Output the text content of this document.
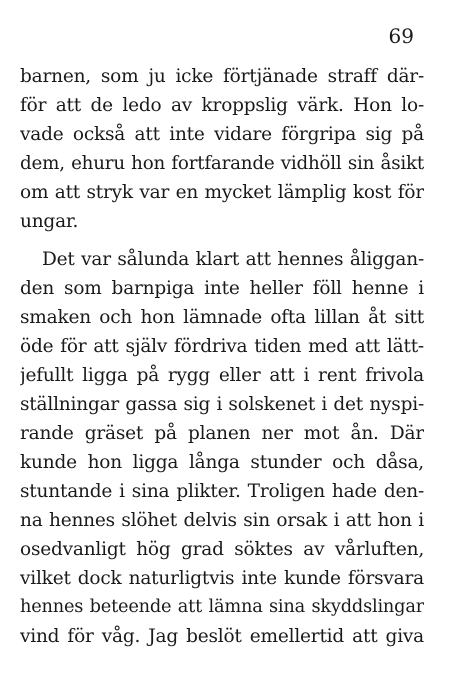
69
barnen, som ju icke förtjänade straff där-
för att de ledo av kroppslig värk. Hon lo-
vade också att inte vidare förgripa sig på
dem, ehuru hon fortfarande vidhöll sin åsikt
om att stryk var en mycket lämplig kost för
ungar.
Det var sålunda klart att hennes åliggan-
den som barnpiga inte heller föll henne i
smaken och hon lämnade ofta lillan åt sitt
öde för att själv fördriva tiden med att lätt-
jefullt ligga på rygg eller att i rent frivola
ställningar gassa sig i solskenet i det nyspi-
rande gräset på planen ner mot ån. Där
kunde hon ligga långa stunder och dåsa,
stuntande i sina plikter. Troligen hade den-
na hennes slöhet delvis sin orsak i att hon i
osedvanligt hög grad söktes av vårluften,
vilket dock naturligtvis inte kunde försvara
hennes beteende att lämna sina skyddslingar
vind för våg. Jag beslöt emellertid att giva
